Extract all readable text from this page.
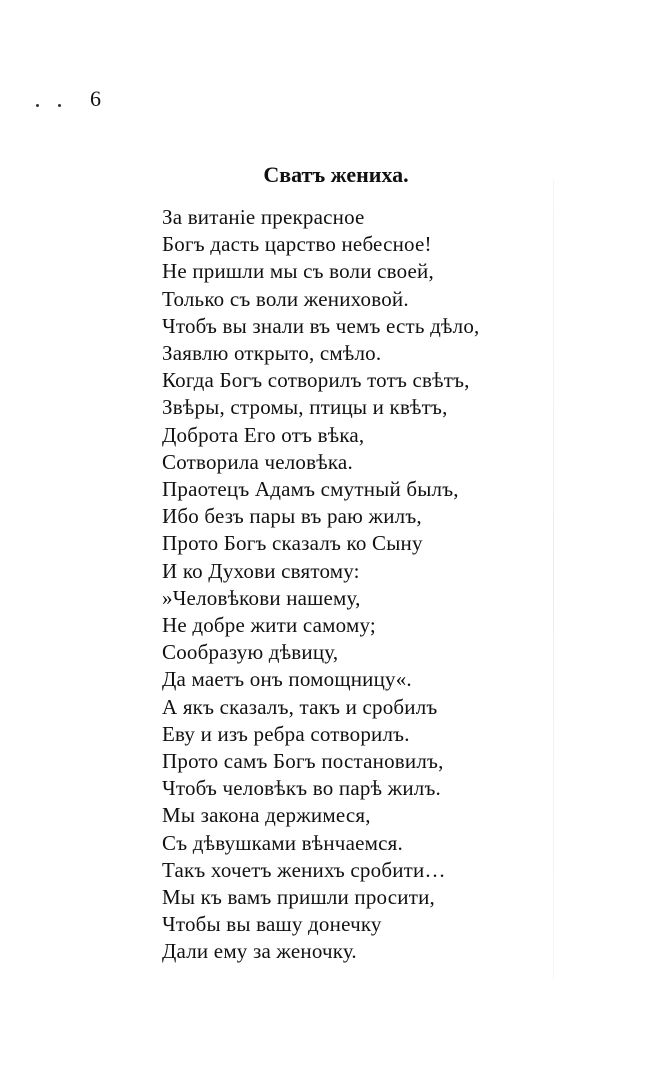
6
Сватъ жениха.
За витаніе прекрасное
Богъ дасть царство небесное!
Не пришли мы съ воли своей,
Только съ воли жениховой.
Чтобъ вы знали въ чемъ есть дѣло,
Заявлю открыто, смѣло.
Когда Богъ сотворилъ тотъ свѣтъ,
Звѣры, стромы, птицы и квѣтъ,
Доброта Его отъ вѣка,
Сотворила человѣка.
Праотецъ Адамъ смутный былъ,
Ибо безъ пары въ раю жилъ,
Прото Богъ сказалъ ко Сыну
И ко Духови святому:
»Человѣкови нашему,
Не добре жити самому;
Сообразую дѣвицу,
Да маетъ онъ помощницу«.
А якъ сказалъ, такъ и сробилъ
Еву и изъ ребра сотворилъ.
Прото самъ Богъ постановилъ,
Чтобъ человѣкъ во парѣ жилъ.
Мы закона держимеся,
Съ дѣвушками вѣнчаемся.
Такъ хочетъ женихъ сробити…
Мы къ вамъ пришли просити,
Чтобы вы вашу донечку
Дали ему за женочку.
